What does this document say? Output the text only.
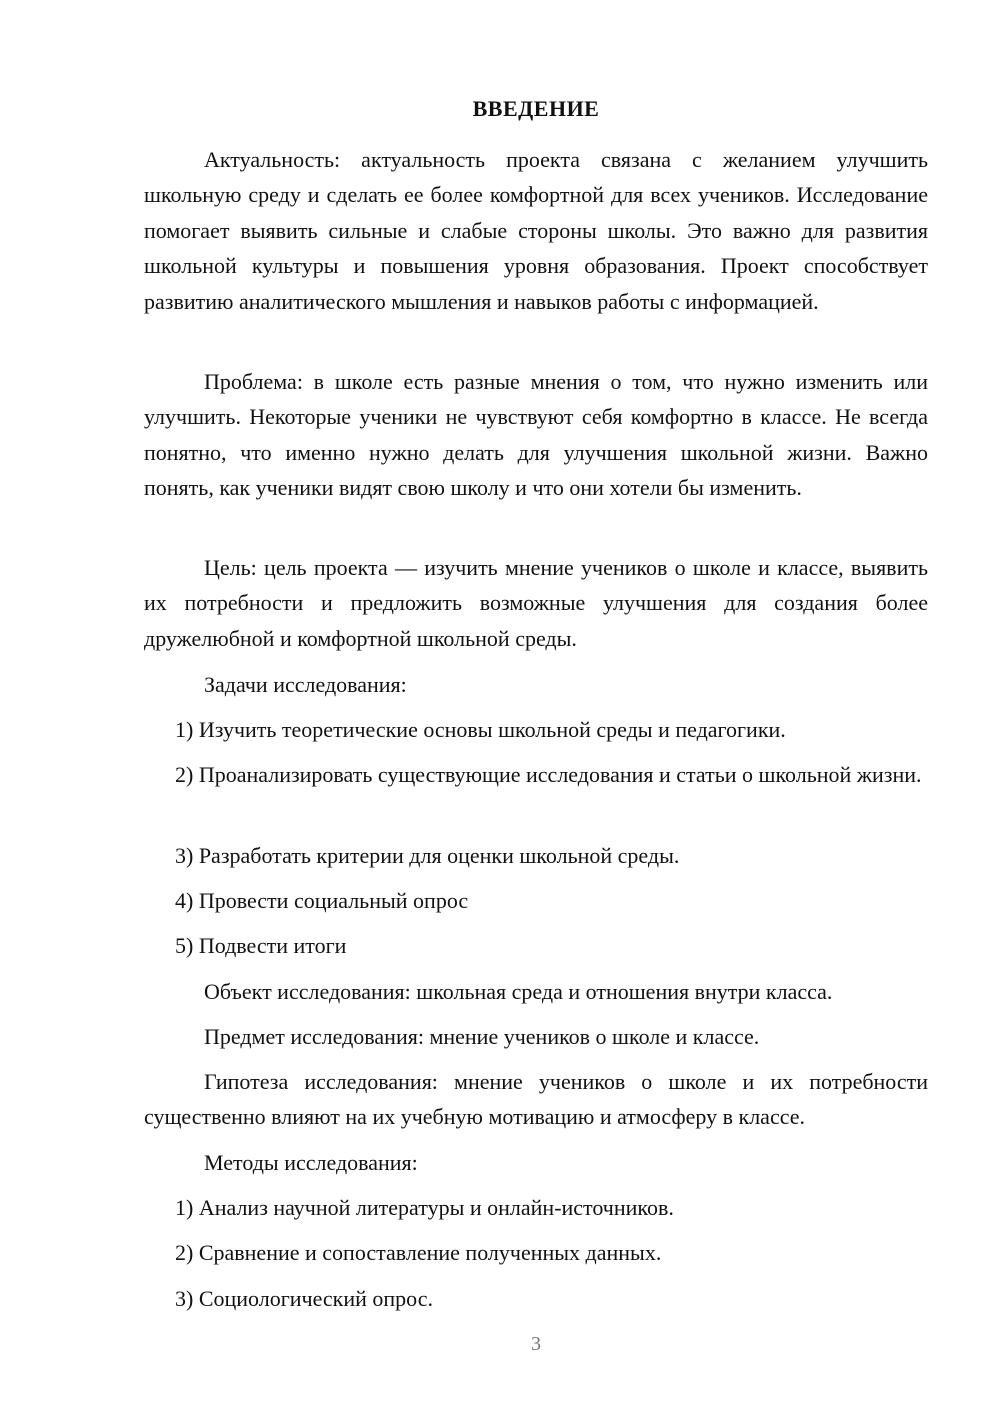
ВВЕДЕНИЕ

Актуальность: актуальность проекта связана с желанием улучшить школьную среду и сделать ее более комфортной для всех учеников. Исследование помогает выявить сильные и слабые стороны школы. Это важно для развития школьной культуры и повышения уровня образования. Проект способствует развитию аналитического мышления и навыков работы с информацией.

Проблема: в школе есть разные мнения о том, что нужно изменить или улучшить. Некоторые ученики не чувствуют себя комфортно в классе. Не всегда понятно, что именно нужно делать для улучшения школьной жизни. Важно понять, как ученики видят свою школу и что они хотели бы изменить.

Цель: цель проекта — изучить мнение учеников о школе и классе, выявить их потребности и предложить возможные улучшения для создания более дружелюбной и комфортной школьной среды.

Задачи исследования:

1) Изучить теоретические основы школьной среды и педагогики.

2) Проанализировать существующие исследования и статьи о школьной жизни.

3) Разработать критерии для оценки школьной среды.

4) Провести социальный опрос

5) Подвести итоги

Объект исследования: школьная среда и отношения внутри класса.

Предмет исследования: мнение учеников о школе и классе.

Гипотеза исследования: мнение учеников о школе и их потребности существенно влияют на их учебную мотивацию и атмосферу в классе.

Методы исследования:

1) Анализ научной литературы и онлайн-источников.

2) Сравнение и сопоставление полученных данных.

3) Социологический опрос.

3
